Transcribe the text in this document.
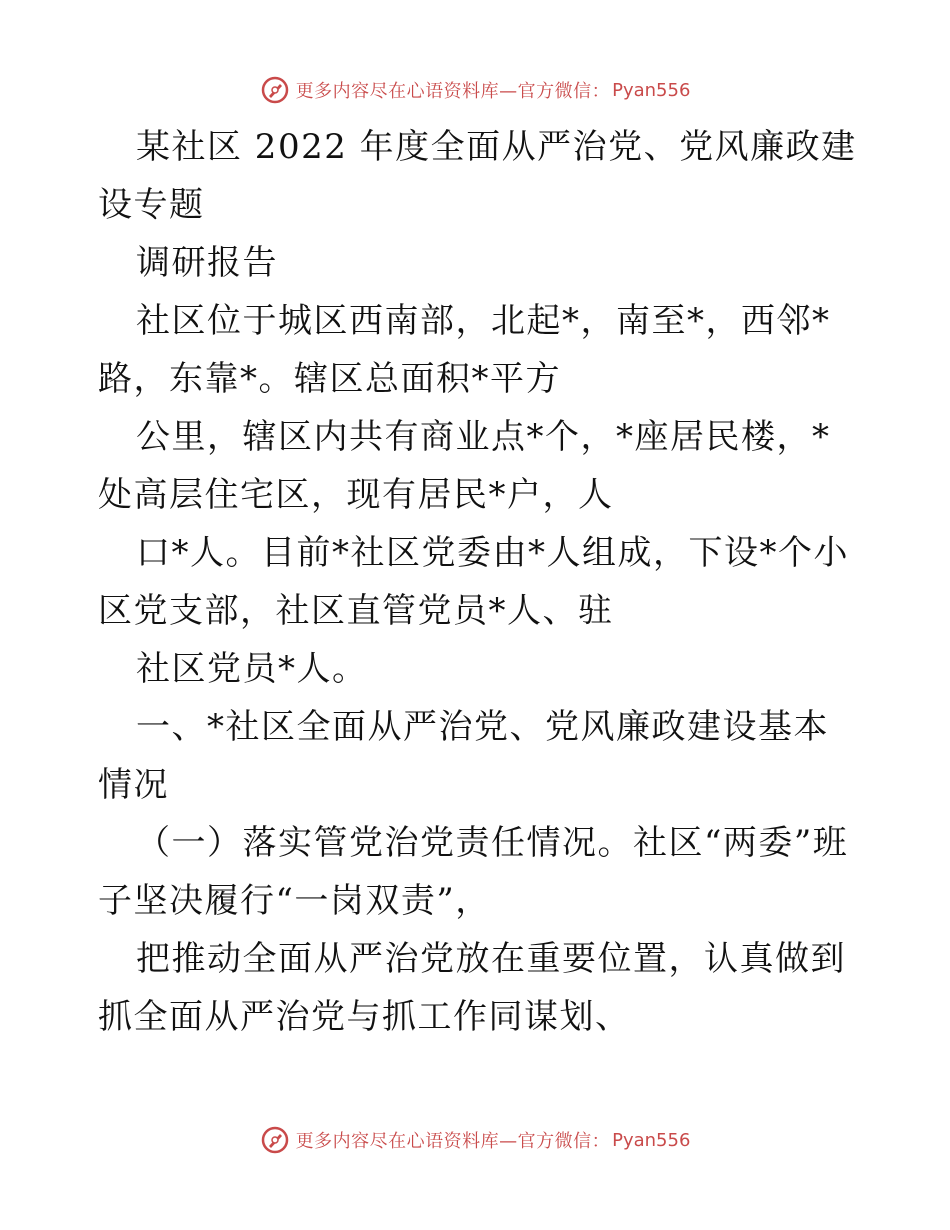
更多内容尽在心语资料库—官方微信： Pyan556

某社区 2022 年度全面从严治党、党风廉政建设专题

调研报告

社区位于城区西南部，北起*，南至*，西邻*路，东靠*。辖区总面积*平方

公里，辖区内共有商业点*个，*座居民楼，*处高层住宅区，现有居民*户，人

口*人。目前*社区党委由*人组成，下设*个小区党支部，社区直管党员*人、驻

社区党员*人。

一、*社区全面从严治党、党风廉政建设基本情况

（一）落实管党治党责任情况。社区“两委”班子坚决履行“一岗双责”，

把推动全面从严治党放在重要位置，认真做到抓全面从严治党与抓工作同谋划、

更多内容尽在心语资料库—官方微信： Pyan556
